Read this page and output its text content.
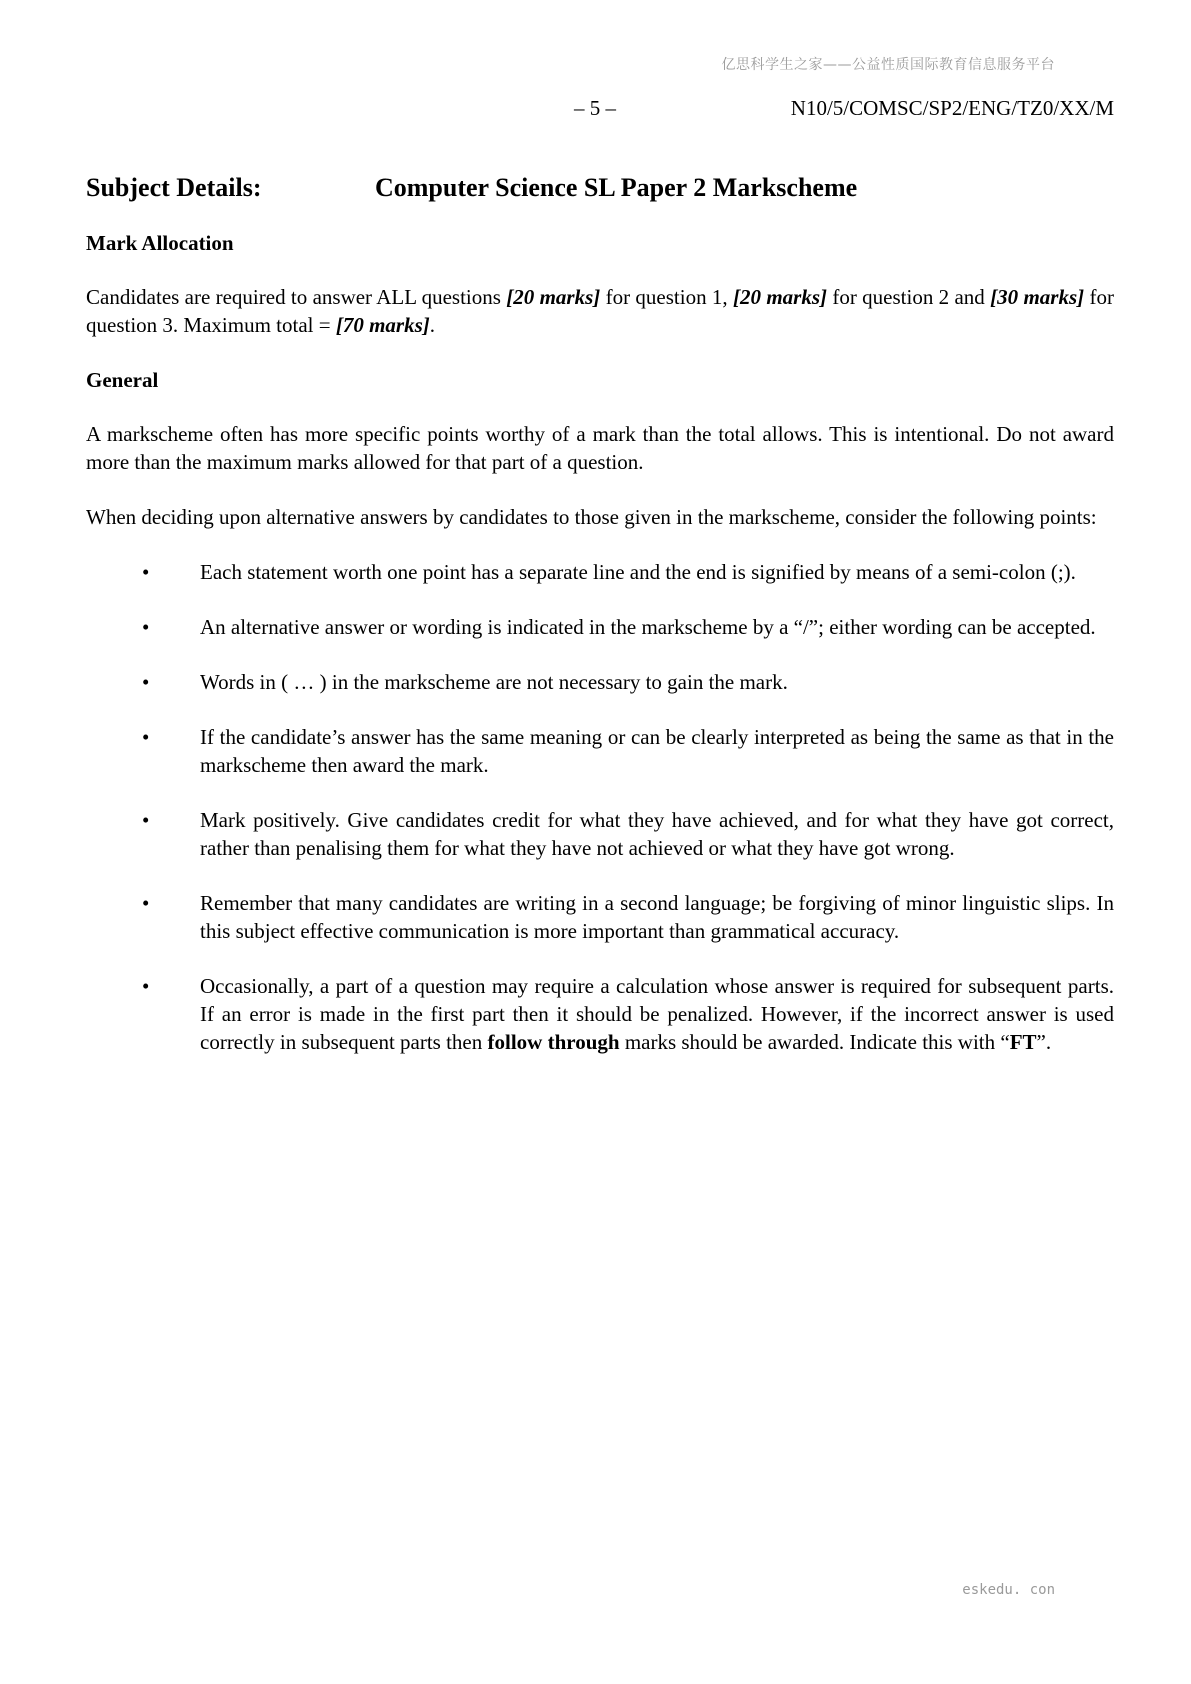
亿思科学生之家——公益性质国际教育信息服务平台
– 5 –	N10/5/COMSC/SP2/ENG/TZ0/XX/M
Subject Details:	Computer Science SL Paper 2 Markscheme
Mark Allocation

Candidates are required to answer ALL questions [20 marks] for question 1, [20 marks] for question 2 and [30 marks] for question 3. Maximum total = [70 marks].

General

A markscheme often has more specific points worthy of a mark than the total allows. This is intentional. Do not award more than the maximum marks allowed for that part of a question.

When deciding upon alternative answers by candidates to those given in the markscheme, consider the following points:

• Each statement worth one point has a separate line and the end is signified by means of a semi-colon (;).
• An alternative answer or wording is indicated in the markscheme by a “/”; either wording can be accepted.
• Words in ( … ) in the markscheme are not necessary to gain the mark.
• If the candidate’s answer has the same meaning or can be clearly interpreted as being the same as that in the markscheme then award the mark.
• Mark positively. Give candidates credit for what they have achieved, and for what they have got correct, rather than penalising them for what they have not achieved or what they have got wrong.
• Remember that many candidates are writing in a second language; be forgiving of minor linguistic slips. In this subject effective communication is more important than grammatical accuracy.
• Occasionally, a part of a question may require a calculation whose answer is required for subsequent parts. If an error is made in the first part then it should be penalized. However, if the incorrect answer is used correctly in subsequent parts then follow through marks should be awarded. Indicate this with “FT”.
eskedu. con
